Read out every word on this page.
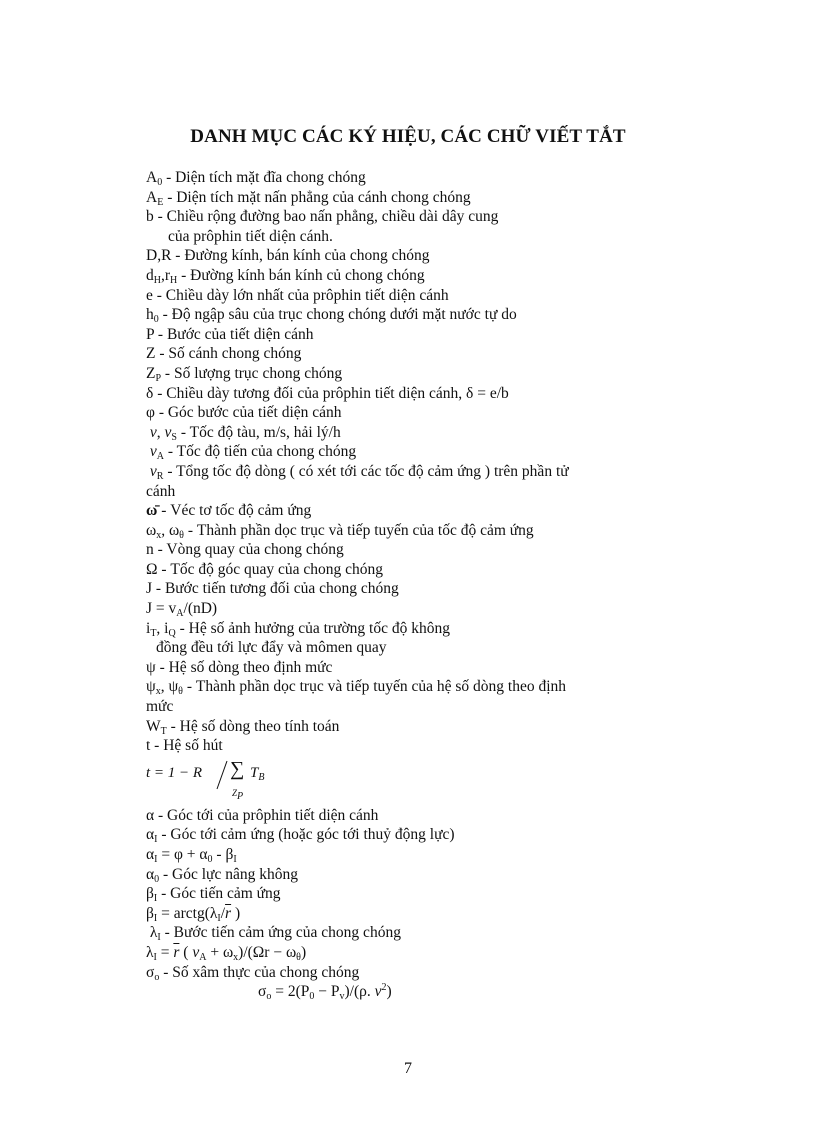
DANH MỤC CÁC KÝ HIỆU, CÁC CHỮ VIẾT TẮT
$A_0$ - Diện tích mặt đĩa chong chóng
$A_E$ - Diện tích mặt nấn phẳng của cánh chong chóng
b - Chiều rộng đường bao nấn phẳng, chiều dài dây cung
của prôphin tiết diện cánh.
D,R - Đường kính, bán kính của chong chóng
$d_H,r_H$ - Đường kính bán kính củ chong chóng
e - Chiều dày lớn nhất của prôphin tiết diện cánh
$h_0$ - Độ ngập sâu của trục chong chóng dưới mặt nước tự do
P - Bước của tiết diện cánh
Z - Số cánh chong chóng
$Z_P$ - Số lượng trục chong chóng
δ - Chiều dày tương đối của prôphin tiết diện cánh, δ = e/b
φ - Góc bước của tiết diện cánh
v, $v_S$ - Tốc độ tàu, m/s, hải lý/h
$v_A$ - Tốc độ tiến của chong chóng
$v_R$ - Tổng tốc độ dòng ( có xét tới các tốc độ cảm ứng ) trên phần tử cánh
ω̄ - Véc tơ tốc độ cảm ứng
$\omega_x$, $\omega_\theta$ - Thành phần dọc trục và tiếp tuyến của tốc độ cảm ứng
n - Vòng quay của chong chóng
Ω - Tốc độ góc quay của chong chóng
J - Bước tiến tương đối của chong chóng
$J = v_A/(nD)$
$i_T$, $i_Q$ - Hệ số ảnh hưởng của trường tốc độ không
đồng đều tới lực đẩy và mômen quay
ψ - Hệ số dòng theo định mức
$\psi_x$, $\psi_\theta$ - Thành phần dọc trục và tiếp tuyến của hệ số dòng theo định mức
$W_T$ - Hệ số dòng theo tính toán
t - Hệ số hút
t = 1 − R ∑
$Z_P$
$T_B$
α - Góc tới của prôphin tiết diện cánh
$\alpha_I$ - Góc tới cảm ứng (hoặc góc tới thuỷ động lực)
$\alpha_I = \varphi + \alpha_0 - \beta_I$
$\alpha_0$ - Góc lực nâng không
$\beta_I$ - Góc tiến cảm ứng
$\beta_I$ = $arctg(\lambda_I/\overline{r}$ )
$\lambda_I$ - Bước tiến cảm ứng của chong chóng
$\lambda_I = \overline{r}$ ( $v_A + \omega_x)/(\Omega r - \omega_\theta)$
$\sigma_o$ - Số xâm thực của chong chóng
$\sigma_o = 2(P_0 - P_v)/(\rho$. $v^2$)
7
